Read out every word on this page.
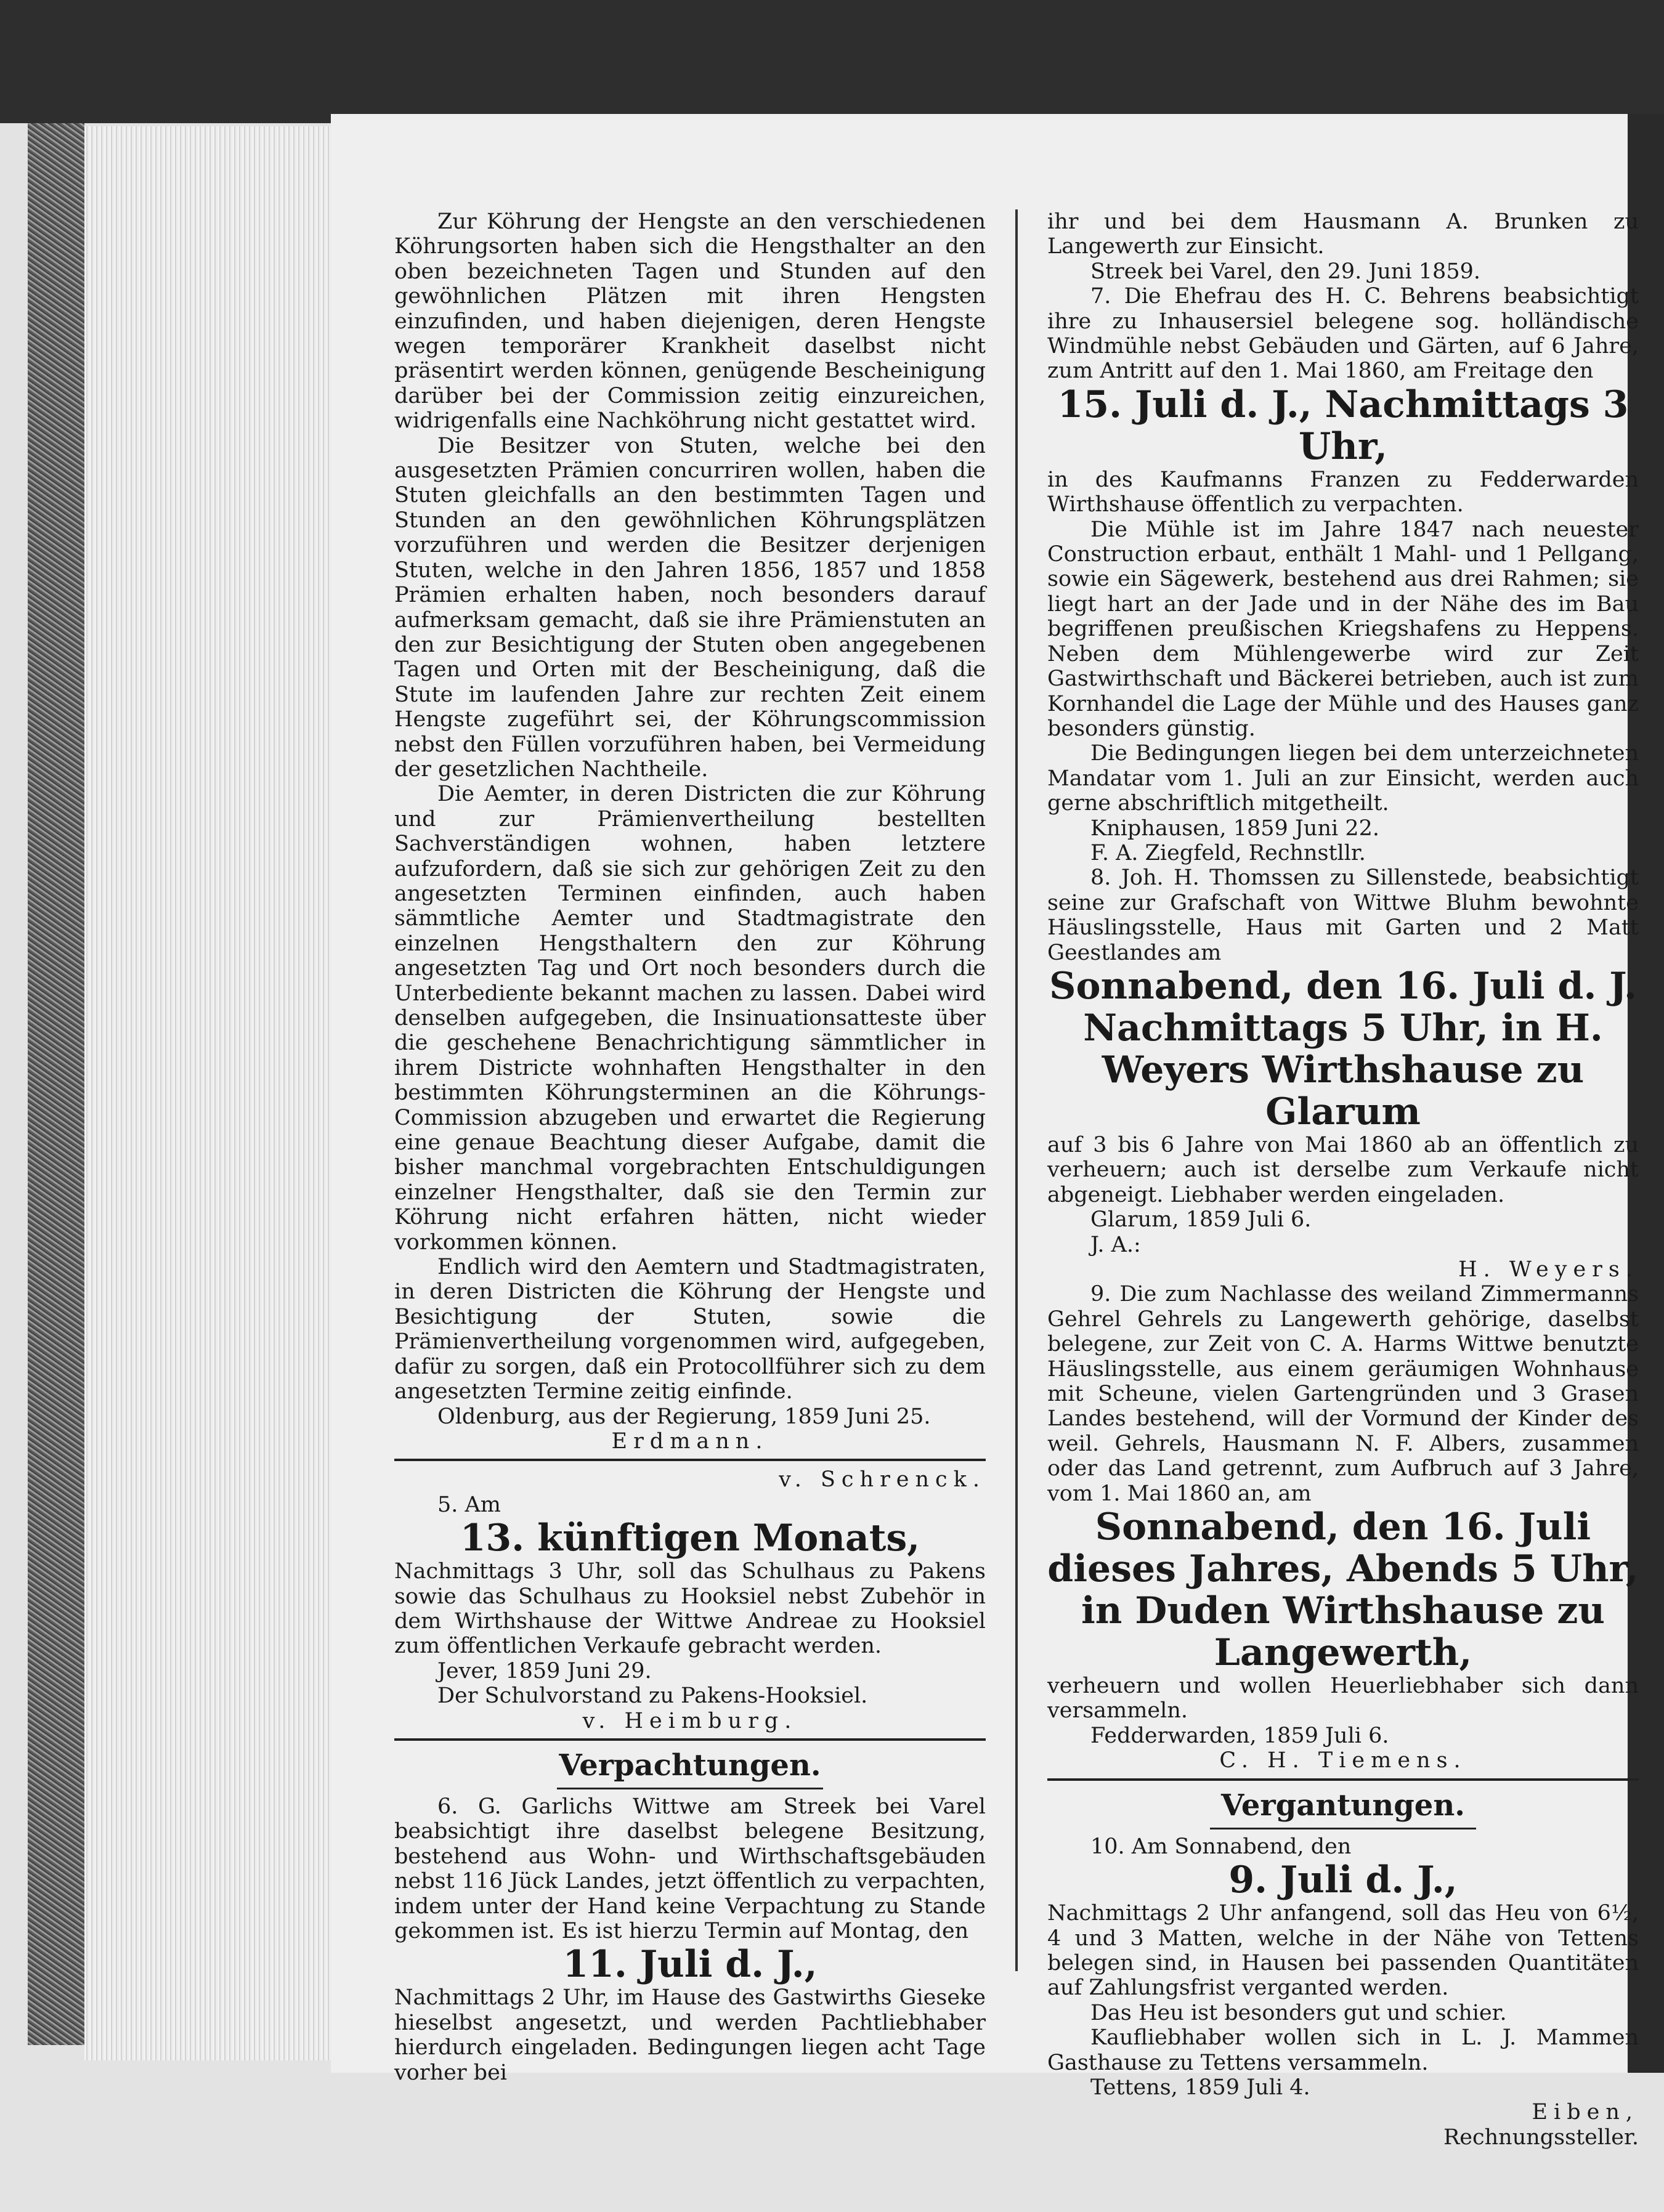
Zur Köhrung der Hengste an den verschiedenen Köhrungsorten haben sich die Hengsthalter an den oben bezeichneten Tagen und Stunden auf den gewöhnlichen Plätzen mit ihren Hengsten einzufinden, und haben diejenigen, deren Hengste wegen temporärer Krankheit daselbst nicht präsentirt werden können, genügende Bescheinigung darüber bei der Commission zeitig einzureichen, widrigenfalls eine Nachköhrung nicht gestattet wird.

Die Besitzer von Stuten, welche bei den ausgesetzten Prämien concurriren wollen, haben die Stuten gleichfalls an den bestimmten Tagen und Stunden an den gewöhnlichen Köhrungsplätzen vorzuführen und werden die Besitzer derjenigen Stuten, welche in den Jahren 1856, 1857 und 1858 Prämien erhalten haben, noch besonders darauf aufmerksam gemacht, daß sie ihre Prämienstuten an den zur Besichtigung der Stuten oben angegebenen Tagen und Orten mit der Bescheinigung, daß die Stute im laufenden Jahre zur rechten Zeit einem Hengste zugeführt sei, der Köhrungscommission nebst den Füllen vorzuführen haben, bei Vermeidung der gesetzlichen Nachtheile.

Die Aemter, in deren Districten die zur Köhrung und zur Prämienvertheilung bestellten Sachverständigen wohnen, haben letztere aufzufordern, daß sie sich zur gehörigen Zeit zu den angesetzten Terminen einfinden, auch haben sämmtliche Aemter und Stadtmagistrate den einzelnen Hengsthaltern den zur Köhrung angesetzten Tag und Ort noch besonders durch die Unterbediente bekannt machen zu lassen. Dabei wird denselben aufgegeben, die Insinuationsatteste über die geschehene Benachrichtigung sämmtlicher in ihrem Districte wohnhaften Hengsthalter in den bestimmten Köhrungsterminen an die Köhrungs-Commission abzugeben und erwartet die Regierung eine genaue Beachtung dieser Aufgabe, damit die bisher manchmal vorgebrachten Entschuldigungen einzelner Hengsthalter, daß sie den Termin zur Köhrung nicht erfahren hätten, nicht wieder vorkommen können.

Endlich wird den Aemtern und Stadtmagistraten, in deren Districten die Köhrung der Hengste und Besichtigung der Stuten, sowie die Prämienvertheilung vorgenommen wird, aufgegeben, dafür zu sorgen, daß ein Protocollführer sich zu dem angesetzten Termine zeitig einfinde.

Oldenburg, aus der Regierung, 1859 Juni 25.

Erdmann.

v. Schrenck.

5. Am

13. künftigen Monats,

Nachmittags 3 Uhr, soll das Schulhaus zu Pakens sowie das Schulhaus zu Hooksiel nebst Zubehör in dem Wirthshause der Wittwe Andreae zu Hooksiel zum öffentlichen Verkaufe gebracht werden.

Jever, 1859 Juni 29.

Der Schulvorstand zu Pakens-Hooksiel.

v. Heimburg.

Verpachtungen.

6. G. Garlichs Wittwe am Streek bei Varel beabsichtigt ihre daselbst belegene Besitzung, bestehend aus Wohn- und Wirthschaftsgebäuden nebst 116 Jück Landes, jetzt öffentlich zu verpachten, indem unter der Hand keine Verpachtung zu Stande gekommen ist. Es ist hierzu Termin auf Montag, den

11. Juli d. J.,

Nachmittags 2 Uhr, im Hause des Gastwirths Gieseke hieselbst angesetzt, und werden Pachtliebhaber hierdurch eingeladen. Bedingungen liegen acht Tage vorher bei

ihr und bei dem Hausmann A. Brunken zu Langewerth zur Einsicht.

Streek bei Varel, den 29. Juni 1859.

7. Die Ehefrau des H. C. Behrens beabsichtigt ihre zu Inhausersiel belegene sog. holländische Windmühle nebst Gebäuden und Gärten, auf 6 Jahre, zum Antritt auf den 1. Mai 1860, am Freitage den

15. Juli d. J., Nachmittags 3 Uhr,

in des Kaufmanns Franzen zu Fedderwarden Wirthshause öffentlich zu verpachten.

Die Mühle ist im Jahre 1847 nach neuester Construction erbaut, enthält 1 Mahl- und 1 Pellgang, sowie ein Sägewerk, bestehend aus drei Rahmen; sie liegt hart an der Jade und in der Nähe des im Bau begriffenen preußischen Kriegshafens zu Heppens. Neben dem Mühlengewerbe wird zur Zeit Gastwirthschaft und Bäckerei betrieben, auch ist zum Kornhandel die Lage der Mühle und des Hauses ganz besonders günstig.

Die Bedingungen liegen bei dem unterzeichneten Mandatar vom 1. Juli an zur Einsicht, werden auch gerne abschriftlich mitgetheilt.

Kniphausen, 1859 Juni 22.

F. A. Ziegfeld, Rechnstllr.

8. Joh. H. Thomssen zu Sillenstede, beabsichtigt seine zur Grafschaft von Wittwe Bluhm bewohnte Häuslingsstelle, Haus mit Garten und 2 Matt Geestlandes am

Sonnabend, den 16. Juli d. J. Nachmittags 5 Uhr, in H. Weyers Wirthshause zu Glarum

auf 3 bis 6 Jahre von Mai 1860 ab an öffentlich zu verheuern; auch ist derselbe zum Verkaufe nicht abgeneigt. Liebhaber werden eingeladen.

Glarum, 1859 Juli 6.

J. A.:

H. Weyers.

9. Die zum Nachlasse des weiland Zimmermanns Gehrel Gehrels zu Langewerth gehörige, daselbst belegene, zur Zeit von C. A. Harms Wittwe benutzte Häuslingsstelle, aus einem geräumigen Wohnhause mit Scheune, vielen Gartengründen und 3 Grasen Landes bestehend, will der Vormund der Kinder des weil. Gehrels, Hausmann N. F. Albers, zusammen oder das Land getrennt, zum Aufbruch auf 3 Jahre, vom 1. Mai 1860 an, am

Sonnabend, den 16. Juli dieses Jahres, Abends 5 Uhr, in Duden Wirthshause zu Langewerth,

verheuern und wollen Heuerliebhaber sich dann versammeln.

Fedderwarden, 1859 Juli 6.

C. H. Tiemens.

Vergantungen.

10. Am Sonnabend, den

9. Juli d. J.,

Nachmittags 2 Uhr anfangend, soll das Heu von 6½, 4 und 3 Matten, welche in der Nähe von Tettens belegen sind, in Hausen bei passenden Quantitäten auf Zahlungsfrist verganted werden.

Das Heu ist besonders gut und schier.

Kaufliebhaber wollen sich in L. J. Mammen Gasthause zu Tettens versammeln.

Tettens, 1859 Juli 4.

Eiben,

Rechnungssteller.
